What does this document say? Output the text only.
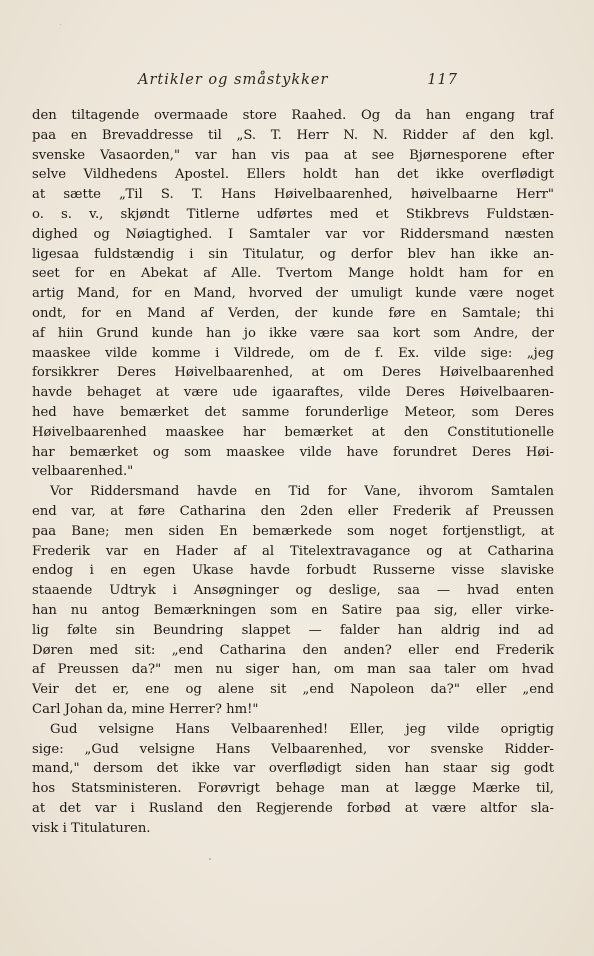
Artikler og småstykker	117
den tiltagende overmaade store Raahed. Og da han engang traf
paa en Brevaddresse til „S. T. Herr N. N. Ridder af den kgl.
svenske Vasaorden," var han vis paa at see Bjørnesporene efter
selve Vildhedens Apostel. Ellers holdt han det ikke overflødigt
at sætte „Til S. T. Hans Høivelbaarenhed, høivelbaarne Herr"
o. s. v., skjøndt Titlerne udførtes med et Stikbrevs Fuldstæn-
dighed og Nøiagtighed. I Samtaler var vor Riddersmand næsten
ligesaa fuldstændig i sin Titulatur, og derfor blev han ikke an-
seet for en Abekat af Alle. Tvertom Mange holdt ham for en
artig Mand, for en Mand, hvorved der umuligt kunde være noget
ondt, for en Mand af Verden, der kunde føre en Samtale; thi
af hiin Grund kunde han jo ikke være saa kort som Andre, der
maaskee vilde komme i Vildrede, om de f. Ex. vilde sige: „jeg
forsikkrer Deres Høivelbaarenhed, at om Deres Høivelbaarenhed
havde behaget at være ude igaaraftes, vilde Deres Høivelbaaren-
hed have bemærket det samme forunderlige Meteor, som Deres
Høivelbaarenhed maaskee har bemærket at den Constitutionelle
har bemærket og som maaskee vilde have forundret Deres Høi-
velbaarenhed."
Vor Riddersmand havde en Tid for Vane, ihvorom Samtalen
end var, at føre Catharina den 2den eller Frederik af Preussen
paa Bane; men siden En bemærkede som noget fortjenstligt, at
Frederik var en Hader af al Titelextravagance og at Catharina
endog i en egen Ukase havde forbudt Russerne visse slaviske
staaende Udtryk i Ansøgninger og deslige, saa — hvad enten
han nu antog Bemærkningen som en Satire paa sig, eller virke-
lig følte sin Beundring slappet — falder han aldrig ind ad
Døren med sit: „end Catharina den anden? eller end Frederik
af Preussen da?" men nu siger han, om man saa taler om hvad
Veir det er, ene og alene sit „end Napoleon da?" eller „end
Carl Johan da, mine Herrer? hm!"
Gud velsigne Hans Velbaarenhed! Eller, jeg vilde oprigtig
sige: „Gud velsigne Hans Velbaarenhed, vor svenske Ridder-
mand," dersom det ikke var overflødigt siden han staar sig godt
hos Statsministeren. Forøvrigt behage man at lægge Mærke til,
at det var i Rusland den Regjerende forbød at være altfor sla-
visk i Titulaturen.
